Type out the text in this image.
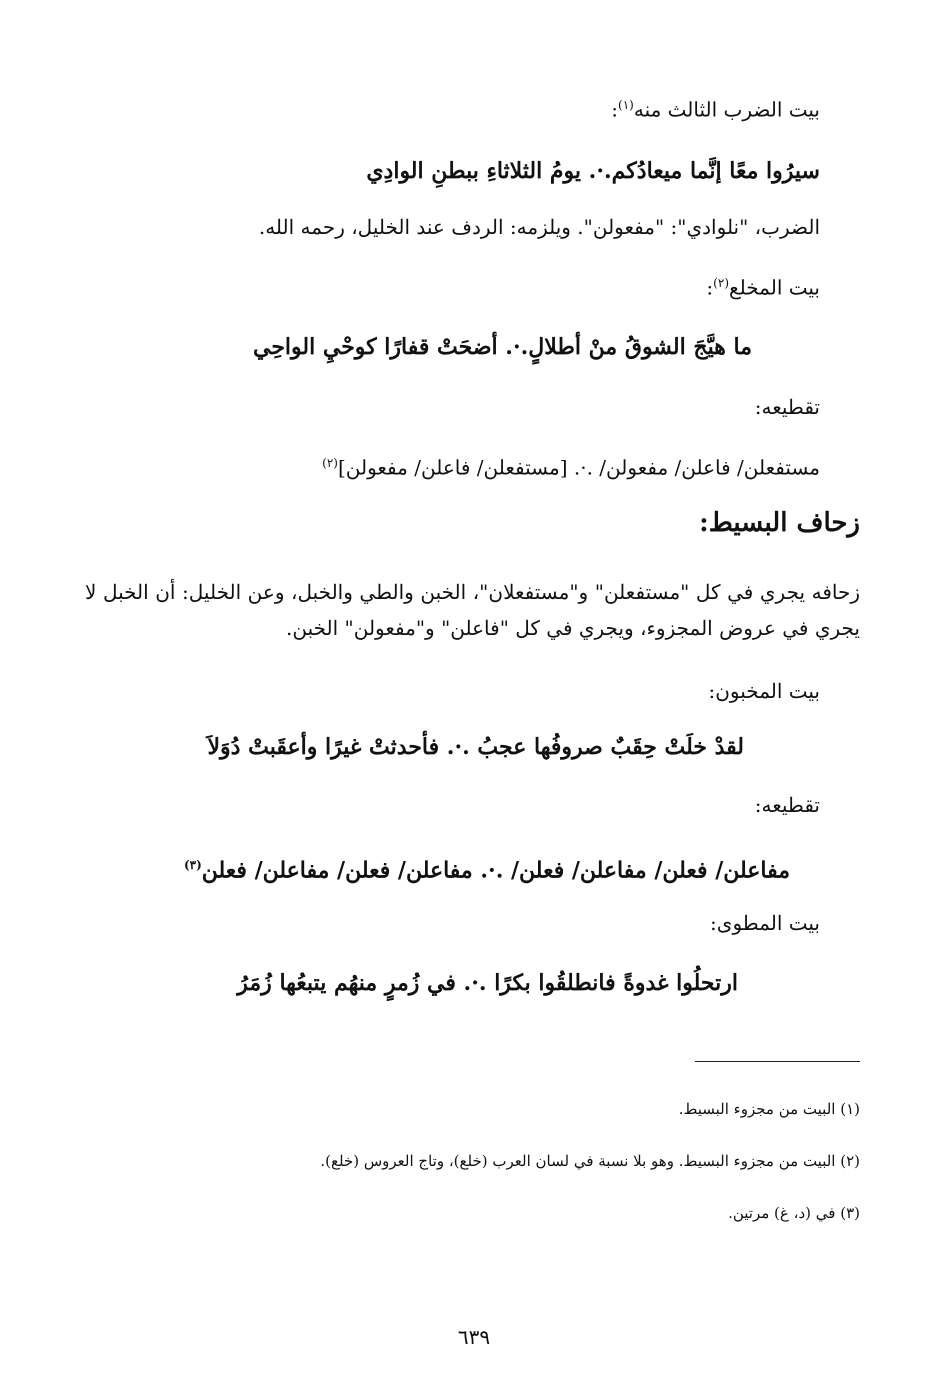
بيت الضرب الثالث منه$^{(١)}$:
سيرُوا معًا إنَّما ميعادُكم.·. يومُ الثلاثاءِ ببطنِ الوادِي
الضرب، "نلوادي": "مفعولن". ويلزمه: الردف عند الخليل، رحمه الله.
بيت المخلع$^{(٢)}$:
ما هيَّجَ الشوقُ منْ أطلالٍ.·. أضحَتْ قفارًا كوحْيِ الواحِي
تقطيعه:
مستفعلن/ فاعلن/ مفعولن/ .·. [مستفعلن/ فاعلن/ مفعولن]$^{(٢)}$
زحاف البسيط:
زحافه يجري في كل "مستفعلن" و"مستفعلان"، الخبن والطي والخبل، وعن الخليل: أن الخبل لا يجري في عروض المجزوء، ويجري في كل "فاعلن" و"مفعولن" الخبن.
بيت المخبون:
لقدْ خلَتْ حِقَبٌ صروفُها عجبُ .·. فأحدثتْ غيرًا وأعقَبتْ دُوَلاَ
تقطيعه:
مفاعلن/ فعلن/ مفاعلن/ فعلن/ .·. مفاعلن/ فعلن/ مفاعلن/ فعلن$^{(٣)}$
بيت المطوى:
ارتحلُوا غدوةً فانطلقُوا بكرًا .·. في زُمرٍ منهُم يتبعُها زُمَرُ
(١) البيت من مجزوء البسيط.
(٢) البيت من مجزوء البسيط. وهو بلا نسبة في لسان العرب (خلع)، وتاج العروس (خلع).
(٣) في (د، غ) مرتين.
٦٣٩
